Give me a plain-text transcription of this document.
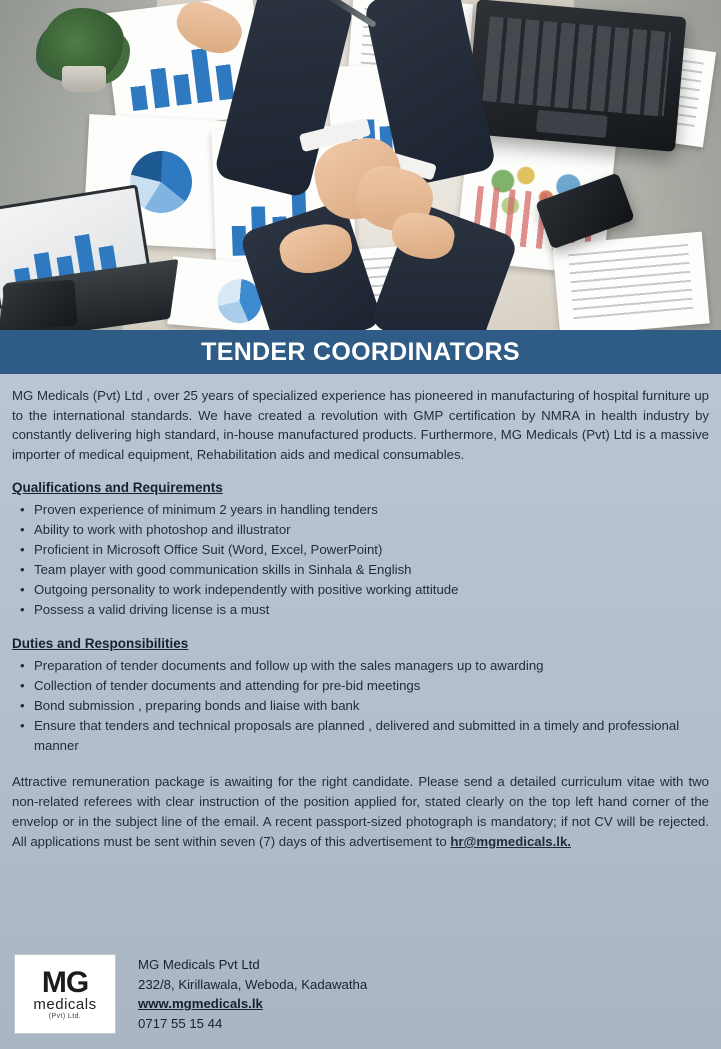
TENDER COORDINATORS

MG Medicals (Pvt) Ltd , over 25 years of specialized experience has pioneered in manufacturing of hospital furniture up to the international standards. We have created a revolution with GMP certification by NMRA in health industry by constantly delivering high standard, in-house manufactured products. Furthermore, MG Medicals (Pvt) Ltd is a massive importer of medical equipment, Rehabilitation aids and medical consumables.

Qualifications and Requirements
• Proven experience of minimum 2 years in handling tenders
• Ability to work with photoshop and illustrator
• Proficient in Microsoft Office Suit (Word, Excel, PowerPoint)
• Team player with good communication skills in Sinhala & English
• Outgoing personality to work independently with positive working attitude
• Possess a valid driving license is a must
Duties and Responsibilities
• Preparation of tender documents and follow up with the sales managers up to awarding
• Collection of tender documents and attending for pre-bid meetings
• Bond submission , preparing bonds and liaise with bank
• Ensure that tenders and technical proposals are planned , delivered and submitted in a timely and professional manner

Attractive remuneration package is awaiting for the right candidate. Please send a detailed curriculum vitae with two non-related referees with clear instruction of the position applied for, stated clearly on the top left hand corner of the envelop or in the subject line of the email. A recent passport-sized photograph is mandatory; if not CV will be rejected. All applications must be sent within seven (7) days of this advertisement to hr@mgmedicals.lk.

MG
medicals
(Pvt) Ltd.
MG Medicals Pvt Ltd
232/8, Kirillawala, Weboda, Kadawatha
www.mgmedicals.lk
0717 55 15 44
